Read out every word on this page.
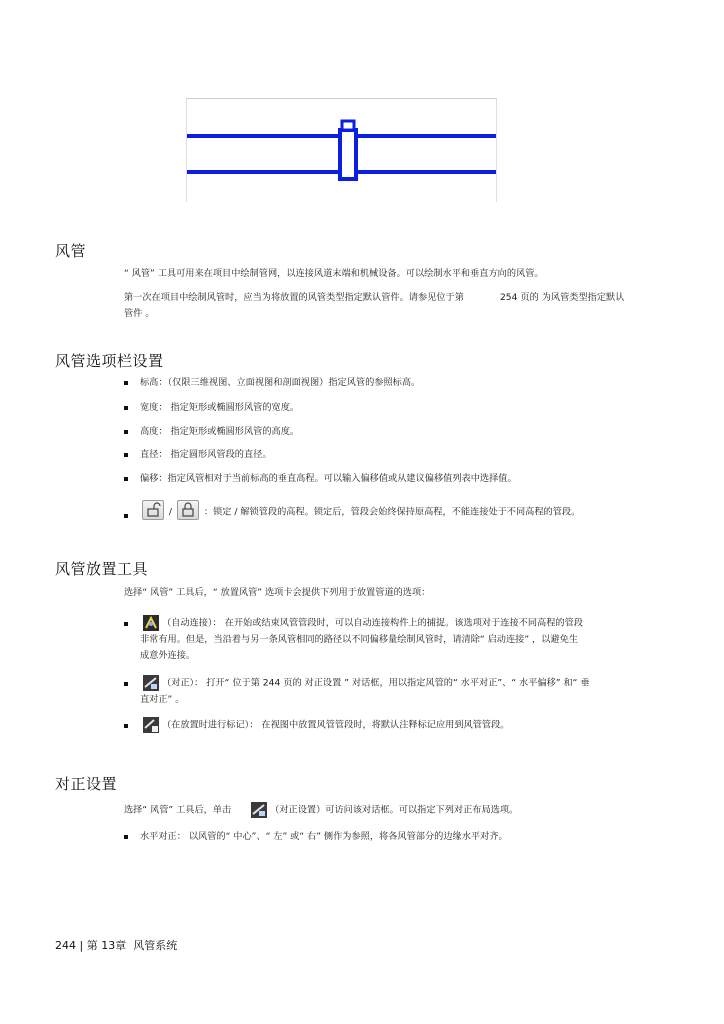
风管
“ 风管” 工具可用来在项目中绘制管网，以连接风道末端和机械设备。可以绘制水平和垂直方向的风管。
第一次在项目中绘制风管时，应当为将放置的风管类型指定默认管件。请参见位于第	254 页的 为风管类型指定默认
管件 。
风管选项栏设置
标高：（仅限三维视图、立面视图和剖面视图）指定风管的参照标高。
宽度： 指定矩形或椭圆形风管的宽度。
高度： 指定矩形或椭圆形风管的高度。
直径： 指定圆形风管段的直径。
偏移：指定风管相对于当前标高的垂直高程。可以输入偏移值或从建议偏移值列表中选择值。
/	：锁定 / 解锁管段的高程。锁定后，管段会始终保持原高程，不能连接处于不同高程的管段。
风管放置工具
选择“ 风管” 工具后，“ 放置风管” 选项卡会提供下列用于放置管道的选项：
（自动连接）： 在开始或结束风管管段时，可以自动连接构件上的捕捉。该选项对于连接不同高程的管段
非常有用。但是，当沿着与另一条风管相同的路径以不同偏移量绘制风管时，请清除“ 启动连接” ，以避免生
成意外连接。
（对正）： 打开“ 位于第 244 页的 对正设置 ” 对话框，用以指定风管的“ 水平对正”、“ 水平偏移” 和“ 垂
直对正” 。
（在放置时进行标记）： 在视图中放置风管管段时，将默认注释标记应用到风管管段。
对正设置
选择“ 风管” 工具后，单击	（对正设置）可访问该对话框。可以指定下列对正布局选项。
水平对正： 以风管的“ 中心”、“ 左” 或“ 右” 侧作为参照，将各风管部分的边缘水平对齐。
244 | 第 13章 风管系统
